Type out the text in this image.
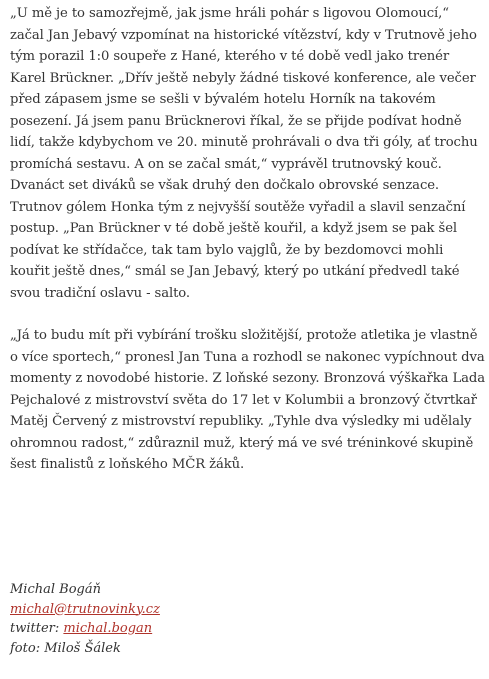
„U mě je to samozřejmě, jak jsme hráli pohár s ligovou Olomoucí,“ začal Jan Jebavý vzpomínat na historické vítězství, kdy v Trutnově jeho tým porazil 1:0 soupeře z Hané, kterého v té době vedl jako trenér Karel Brückner. „Dřív ještě nebyly žádné tiskové konference, ale večer před zápasem jsme se sešli v bývalém hotelu Horník na takovém posezení. Já jsem panu Brücknerovi říkal, že se přijde podívat hodně lidí, takže kdybychom ve 20. minutě prohrávali o dva tři góly, ať trochu promíchá sestavu. A on se začal smát,“ vyprávěl trutnovský kouč. Dvanáct set diváků se však druhý den dočkalo obrovské senzace. Trutnov gólem Honka tým z nejvyšší soutěže vyřadil a slavil senzační postup. „Pan Brückner v té době ještě kouřil, a když jsem se pak šel podívat ke střídačce, tak tam bylo vajglů, že by bezdomovci mohli kouřit ještě dnes,“ smál se Jan Jebavý, který po utkání předvedl také svou tradiční oslavu - salto.

„Já to budu mít při vybírání trošku složitější, protože atletika je vlastně o více sportech,“ pronesl Jan Tuna a rozhodl se nakonec vypíchnout dva momenty z novodobé historie. Z loňské sezony. Bronzová výškařka Lada Pejchalové z mistrovství světa do 17 let v Kolumbii a bronzový čtvrtkař Matěj Červený z mistrovství republiky. „Tyhle dva výsledky mi udělaly ohromnou radost,“ zdůraznil muž, který má ve své tréninkové skupině šest finalistů z loňského MČR žáků.

Michal Bogáň
michal@trutnovinky.cz
twitter: michal.bogan
foto: Miloš Šálek
